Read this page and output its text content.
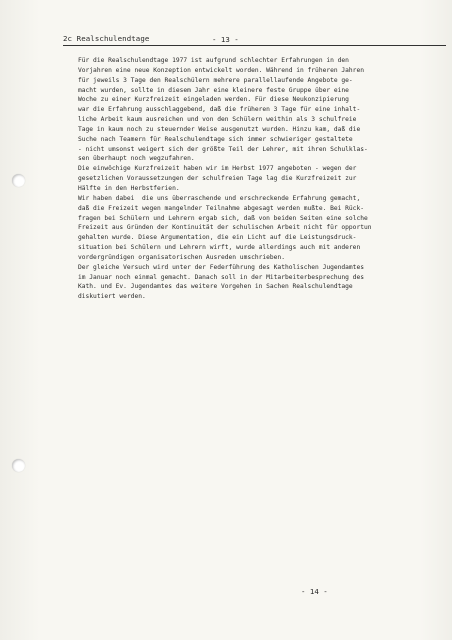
2c Realschulendtage	- 13 -
Für die Realschulendtage 1977 ist aufgrund schlechter Erfahrungen in den
Vorjahren eine neue Konzeption entwickelt worden. Während in früheren Jahren
für jeweils 3 Tage den Realschülern mehrere parallellaufende Angebote ge-
macht wurden, sollte in diesem Jahr eine kleinere feste Gruppe über eine
Woche zu einer Kurzfreizeit eingeladen werden. Für diese Neukonzipierung
war die Erfahrung ausschlaggebend, daß die früheren 3 Tage für eine inhalt-
liche Arbeit kaum ausreichen und von den Schülern weithin als 3 schulfreie
Tage in kaum noch zu steuernder Weise ausgenutzt wurden. Hinzu kam, daß die
Suche nach Teamern für Realschulendtage sich immer schwieriger gestaltete
- nicht umsonst weigert sich der größte Teil der Lehrer, mit ihren Schulklas-
sen überhaupt noch wegzufahren.
Die einwöchige Kurzfreizeit haben wir im Herbst 1977 angeboten - wegen der
gesetzlichen Voraussetzungen der schulfreien Tage lag die Kurzfreizeit zur
Hälfte in den Herbstferien.
Wir haben dabei  die uns überraschende und erschreckende Erfahrung gemacht,
daß die Freizeit wegen mangelnder Teilnahme abgesagt werden mußte. Bei Rück-
fragen bei Schülern und Lehrern ergab sich, daß von beiden Seiten eine solche
Freizeit aus Gründen der Kontinuität der schulischen Arbeit nicht für opportun
gehalten wurde. Diese Argumentation, die ein Licht auf die Leistungsdruck-
situation bei Schülern und Lehrern wirft, wurde allerdings auch mit anderen
vordergründigen organisatorischen Ausreden umschrieben.
Der gleiche Versuch wird unter der Federführung des Katholischen Jugendamtes
im Januar noch einmal gemacht. Danach soll in der Mitarbeiterbesprechung des
Kath. und Ev. Jugendamtes das weitere Vorgehen in Sachen Realschulendtage
diskutiert werden.
- 14 -
